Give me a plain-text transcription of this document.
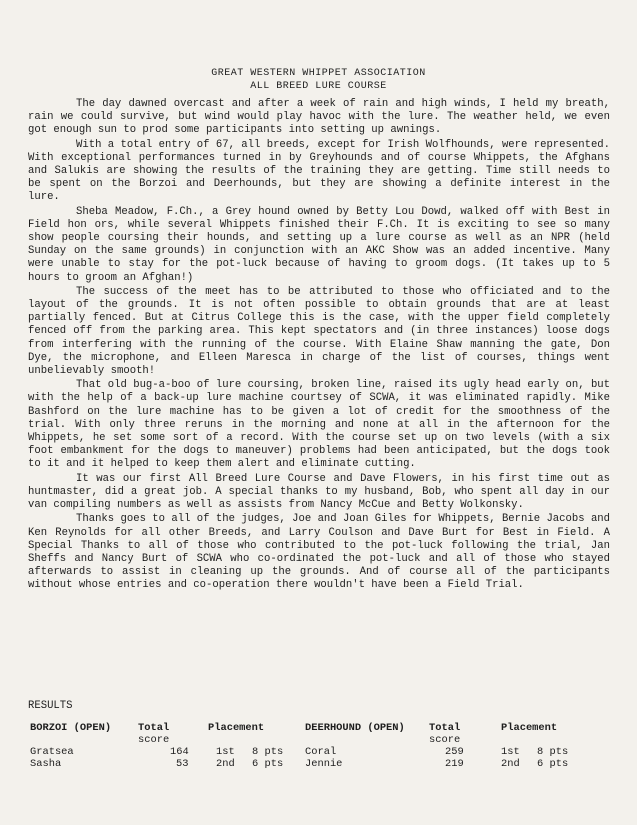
GREAT WESTERN WHIPPET ASSOCIATION
ALL BREED LURE COURSE

The day dawned overcast and after a week of rain and high winds, I held my breath, rain we could survive, but wind would play havoc with the lure. The weather held, we even got enough sun to prod some participants into setting up awnings.

With a total entry of 67, all breeds, except for Irish Wolfhounds, were represented. With exceptional performances turned in by Greyhounds and of course Whippets, the Afghans and Salukis are showing the results of the training they are getting. Time still needs to be spent on the Borzoi and Deerhounds, but they are showing a definite interest in the lure.

Sheba Meadow, F.Ch., a Grey hound owned by Betty Lou Dowd, walked off with Best in Field hon ors, while several Whippets finished their F.Ch. It is exciting to see so many show people coursing their hounds, and setting up a lure course as well as an NPR (held Sunday on the same grounds) in conjunction with an AKC Show was an added incentive. Many were unable to stay for the pot-luck because of having to groom dogs. (It takes up to 5 hours to groom an Afghan!)

The success of the meet has to be attributed to those who officiated and to the layout of the grounds. It is not often possible to obtain grounds that are at least partially fenced. But at Citrus College this is the case, with the upper field completely fenced off from the parking area. This kept spectators and (in three instances) loose dogs from interfering with the running of the course. With Elaine Shaw manning the gate, Don Dye, the microphone, and Elleen Maresca in charge of the list of courses, things went unbelievably smooth!

That old bug-a-boo of lure coursing, broken line, raised its ugly head early on, but with the help of a back-up lure machine courtsey of SCWA, it was eliminated rapidly. Mike Bashford on the lure machine has to be given a lot of credit for the smoothness of the trial. With only three reruns in the morning and none at all in the afternoon for the Whippets, he set some sort of a record. With the course set up on two levels (with a six foot embankment for the dogs to maneuver) problems had been anticipated, but the dogs took to it and it helped to keep them alert and eliminate cutting.

It was our first All Breed Lure Course and Dave Flowers, in his first time out as huntmaster, did a great job. A special thanks to my husband, Bob, who spent all day in our van compiling numbers as well as assists from Nancy McCue and Betty Wolkonsky.

Thanks goes to all of the judges, Joe and Joan Giles for Whippets, Bernie Jacobs and Ken Reynolds for all other Breeds, and Larry Coulson and Dave Burt for Best in Field. A Special Thanks to all of those who contributed to the pot-luck following the trial, Jan Sheffs and Nancy Burt of SCWA who co-ordinated the pot-luck and all of those who stayed afterwards to assist in cleaning up the grounds. And of course all of the participants without whose entries and co-operation there wouldn't have been a Field Trial.

RESULTS
BORZOI (OPEN)	Total	Placement
score
Gratsea	164	1st 8 pts
Sasha	53	2nd 6 pts
DEERHOUND (OPEN) Total	Placement
score
Coral	259	1st 8 pts
Jennie	219	2nd 6 pts
